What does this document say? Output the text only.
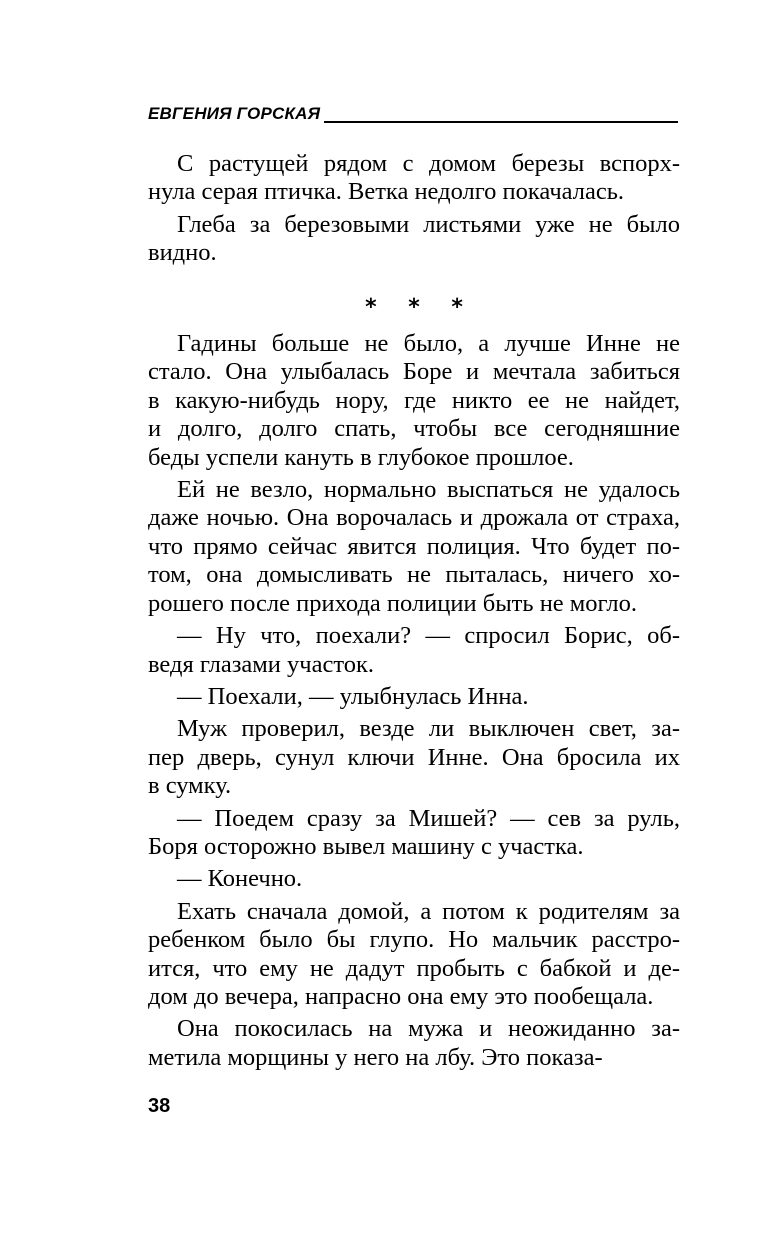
ЕВГЕНИЯ ГОРСКАЯ
С растущей рядом с домом березы вспорх-
нула серая птичка. Ветка недолго покачалась.
Глеба за березовыми листьями уже не было
видно.
* * *
Гадины больше не было, а лучше Инне не
стало. Она улыбалась Боре и мечтала забиться
в какую-нибудь нору, где никто ее не найдет,
и долго, долго спать, чтобы все сегодняшние
беды успели кануть в глубокое прошлое.
Ей не везло, нормально выспаться не удалось
даже ночью. Она ворочалась и дрожала от страха,
что прямо сейчас явится полиция. Что будет по-
том, она домысливать не пыталась, ничего хо-
рошего после прихода полиции быть не могло.
— Ну что, поехали? — спросил Борис, об-
ведя глазами участок.
— Поехали, — улыбнулась Инна.
Муж проверил, везде ли выключен свет, за-
пер дверь, сунул ключи Инне. Она бросила их
в сумку.
— Поедем сразу за Мишей? — сев за руль,
Боря осторожно вывел машину с участка.
— Конечно.
Ехать сначала домой, а потом к родителям за
ребенком было бы глупо. Но мальчик расстро-
ится, что ему не дадут пробыть с бабкой и де-
дом до вечера, напрасно она ему это пообещала.
Она покосилась на мужа и неожиданно за-
метила морщины у него на лбу. Это показа-
38
